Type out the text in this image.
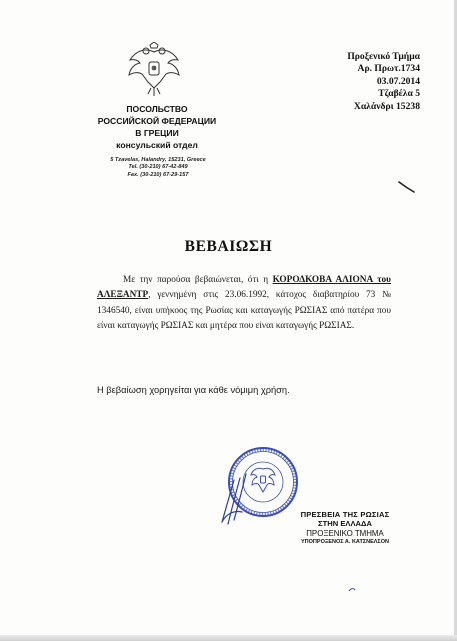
ПОСОЛЬСТВО
РОССИЙСКОЙ ФЕДЕРАЦИИ
В ГРЕЦИИ
консульский отдел
5 Tzavelas, Halandry, 15231, Greece
Tel. (30-210) 67-42-849
Fax. (30-210) 67-29-157
Προξενικό Τμήμα
Αρ. Πρωτ.1734
03.07.2014
Τζαβέλα 5
Χαλάνδρι 15238
ΒΕΒΑΙΩΣΗ
Με την παρούσα βεβαιώνεται, ότι η ΚΟΡΟΔΚΟΒΑ ΑΛΙΟΝΑ του ΑΛΕΞΑΝΤΡ, γεννημένη στις 23.06.1992, κάτοχος διαβατηρίου 73 № 1346540, είναι υπήκοος της Ρωσίας και καταγωγής ΡΩΣΙΑΣ από πατέρα που είναι καταγωγής ΡΩΣΙΑΣ και μητέρα που είναι καταγωγής ΡΩΣΙΑΣ.
Η βεβαίωση χορηγείται για κάθε νόμιμη χρήση.
ΠΡΕΣΒΕΙΑ ΤΗΣ ΡΩΣΙΑΣ
ΣΤΗΝ ΕΛΛΑΔΑ
ΠΡΟΞΕΝΙΚΟ ΤΜΗΜΑ
ΥΠΟΠΡΟΞΕΝΟΣ Α. ΚΑΤΣΝΕΛΣΟΝ
